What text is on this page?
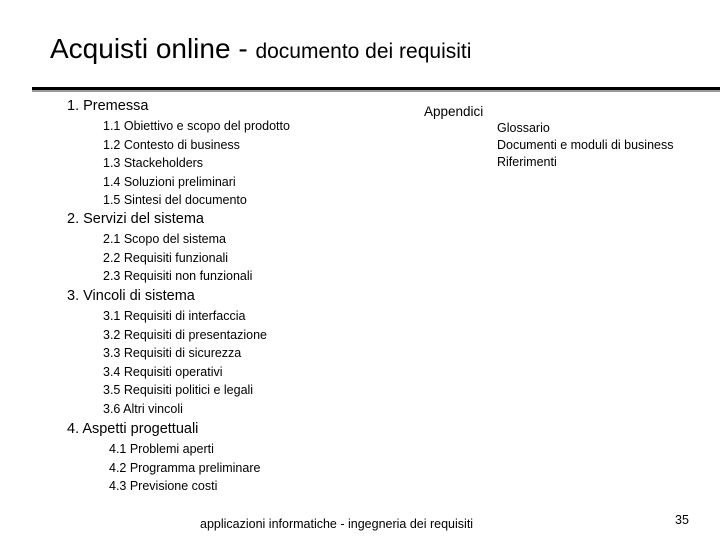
Acquisti online - documento dei requisiti
1. Premessa
1.1 Obiettivo e scopo del prodotto
1.2 Contesto di business
1.3 Stackeholders
1.4 Soluzioni preliminari
1.5 Sintesi del documento
2. Servizi del sistema
2.1 Scopo del sistema
2.2 Requisiti funzionali
2.3 Requisiti non funzionali
3. Vincoli di sistema
3.1 Requisiti di interfaccia
3.2 Requisiti di presentazione
3.3 Requisiti di sicurezza
3.4 Requisiti operativi
3.5 Requisiti politici e legali
3.6 Altri vincoli
4. Aspetti progettuali
4.1 Problemi aperti
4.2 Programma preliminare
4.3 Previsione costi
Appendici
Glossario
Documenti e moduli di business
Riferimenti
applicazioni informatiche - ingegneria dei requisiti	35
